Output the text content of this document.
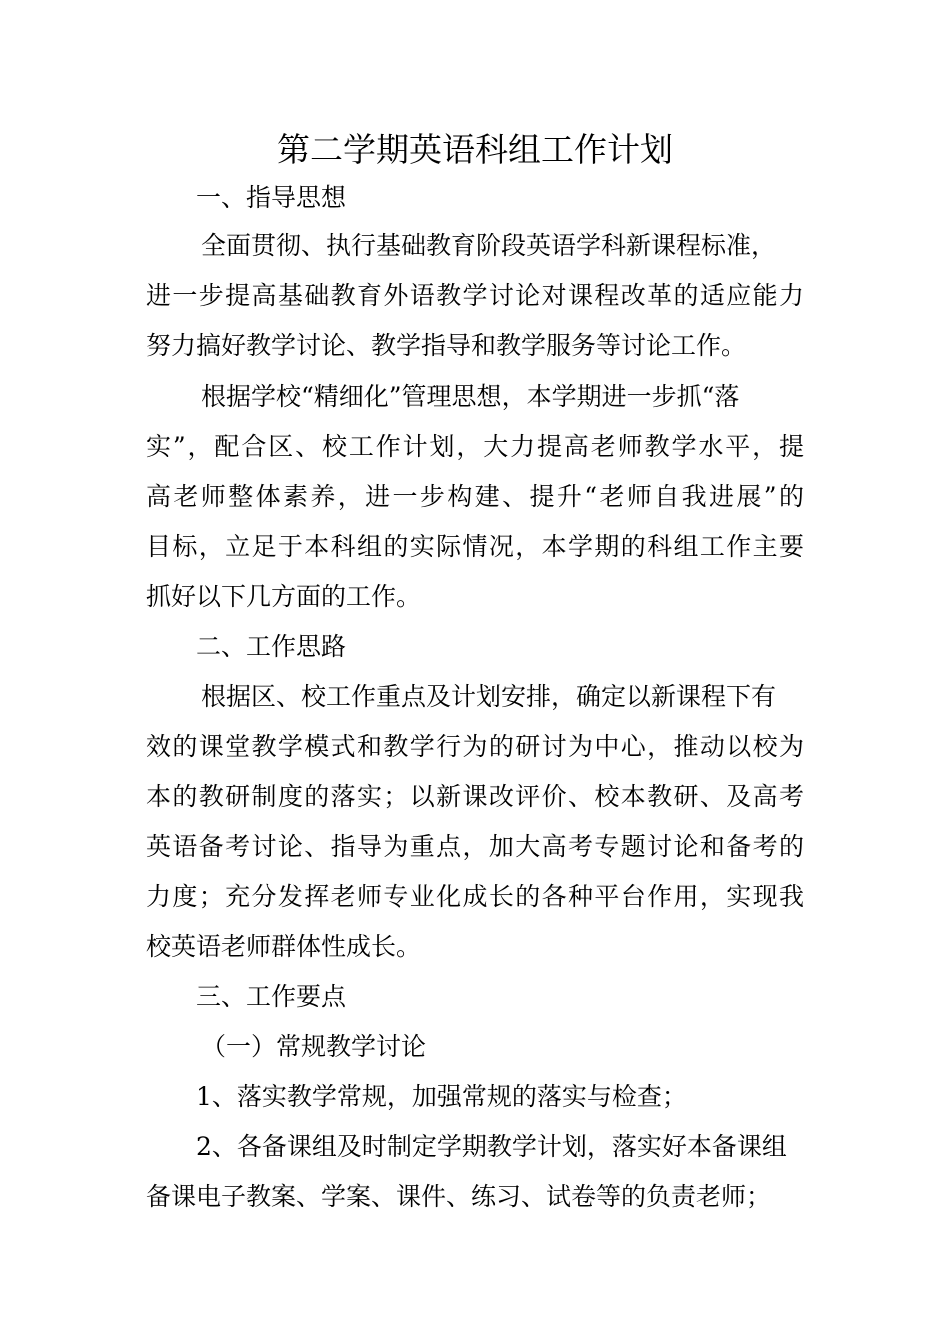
第二学期英语科组工作计划

一、指导思想

全面贯彻、执行基础教育阶段英语学科新课程标准，

进一步提高基础教育外语教学讨论对课程改革的适应能力

努力搞好教学讨论、教学指导和教学服务等讨论工作。

根据学校“精细化”管理思想，本学期进一步抓“落

实”，配合区、校工作计划，大力提高老师教学水平，提

高老师整体素养，进一步构建、提升“老师自我进展”的

目标，立足于本科组的实际情况，本学期的科组工作主要

抓好以下几方面的工作。

二、工作思路

根据区、校工作重点及计划安排，确定以新课程下有

效的课堂教学模式和教学行为的研讨为中心，推动以校为

本的教研制度的落实；以新课改评价、校本教研、及高考

英语备考讨论、指导为重点，加大高考专题讨论和备考的

力度；充分发挥老师专业化成长的各种平台作用，实现我

校英语老师群体性成长。

三、工作要点

（一）常规教学讨论

1、落实教学常规，加强常规的落实与检查；

2、各备课组及时制定学期教学计划，落实好本备课组

备课电子教案、学案、课件、练习、试卷等的负责老师；
